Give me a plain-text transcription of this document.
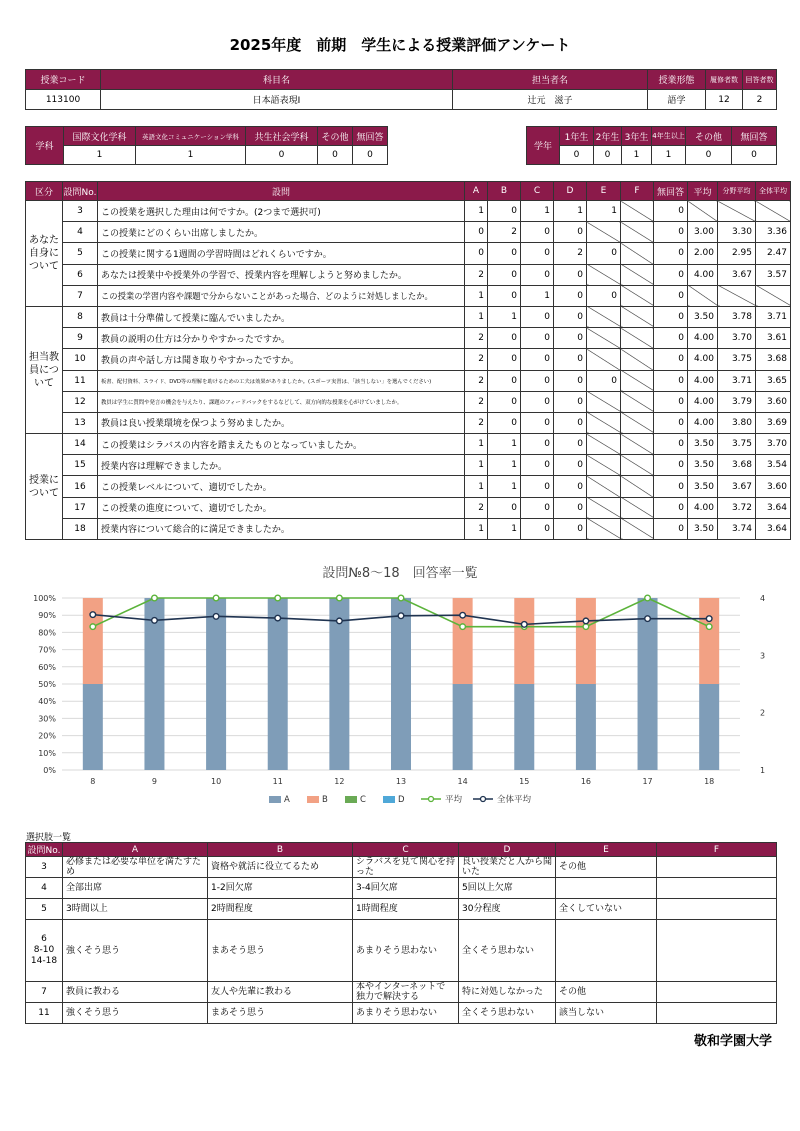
2025年度　前期　学生による授業評価アンケート
授業コード	科目名	担当者名	授業形態	履修者数	回答者数
113100	日本語表現Ⅰ	辻元　滋子	語学	12	2
学科	国際文化学科	英語文化コミュニケーション学科	共生社会学科	その他	無回答
	1	1	0	0	0
学年	1年生	2年生	3年生	4年生以上	その他	無回答
	0	0	1	1	0	0
区分	設問No.	設問	A	B	C	D	E	F	無回答	平均	分野平均	全体平均

あなた
自身に
ついて	3	この授業を選択した理由は何ですか。(2つまで選択可)	1	0	1	1	1		0			
	4	この授業にどのくらい出席しましたか。	0	2	0	0			0	3.00	3.30	3.36
	5	この授業に関する1週間の学習時間はどれくらいですか。	0	0	0	2	0		0	2.00	2.95	2.47
	6	あなたは授業中や授業外の学習で、授業内容を理解しようと努めましたか。	2	0	0	0			0	4.00	3.67	3.57
	7	この授業の学習内容や課題で分からないことがあった場合、どのように対処しましたか。	1	0	1	0	0		0			

担当教
員につ
いて	8	教員は十分準備して授業に臨んでいましたか。	1	1	0	0			0	3.50	3.78	3.71
	9	教員の説明の仕方は分かりやすかったですか。	2	0	0	0			0	4.00	3.70	3.61
	10	教員の声や話し方は聞き取りやすかったですか。	2	0	0	0			0	4.00	3.75	3.68
	11	板書、配付資料、スライド、DVD等の理解を助けるための工夫は効果がありましたか。(スポーツ実習は、「該当しない」を選んでください)	2	0	0	0	0		0	4.00	3.71	3.65
	12	教員は学生に質問や発言の機会を与えたり、課題のフィードバックをするなどして、双方向的な授業を心がけていましたか。	2	0	0	0			0	4.00	3.79	3.60
	13	教員は良い授業環境を保つよう努めましたか。	2	0	0	0			0	4.00	3.80	3.69

授業に
ついて	14	この授業はシラバスの内容を踏まえたものとなっていましたか。	1	1	0	0			0	3.50	3.75	3.70
	15	授業内容は理解できましたか。	1	1	0	0			0	3.50	3.68	3.54
	16	この授業レベルについて、適切でしたか。	1	1	0	0			0	3.50	3.67	3.60
	17	この授業の進度について、適切でしたか。	2	0	0	0			0	4.00	3.72	3.64
	18	授業内容について総合的に満足できましたか。	1	1	0	0			0	3.50	3.74	3.64
設問№8～18　回答率一覧
0%
10%
20%
30%
40%
50%
60%
70%
80%
90%
100%
1
2
3
4
8	9	10	11	12	13	14	15	16	17	18
A	B	C	D	平均	全体平均
選択肢一覧
設問No.	A	B	C	D	E	F

3	必修または必要な単位を満たすため	資格や就活に役立てるため	シラバスを見て関心を持った	良い授業だと人から聞いた	その他	

4	全部出席	1-2回欠席	3-4回欠席	5回以上欠席		

5	3時間以上	2時間程度	1時間程度	30分程度	全くしていない	

6
8-10
14-18	強くそう思う	まあそう思う	あまりそう思わない	全くそう思わない		

7	教員に教わる	友人や先輩に教わる	本やインターネットで
独力で解決する	特に対処しなかった	その他	

11	強くそう思う	まあそう思う	あまりそう思わない	全くそう思わない	該当しない	
敬和学園大学
